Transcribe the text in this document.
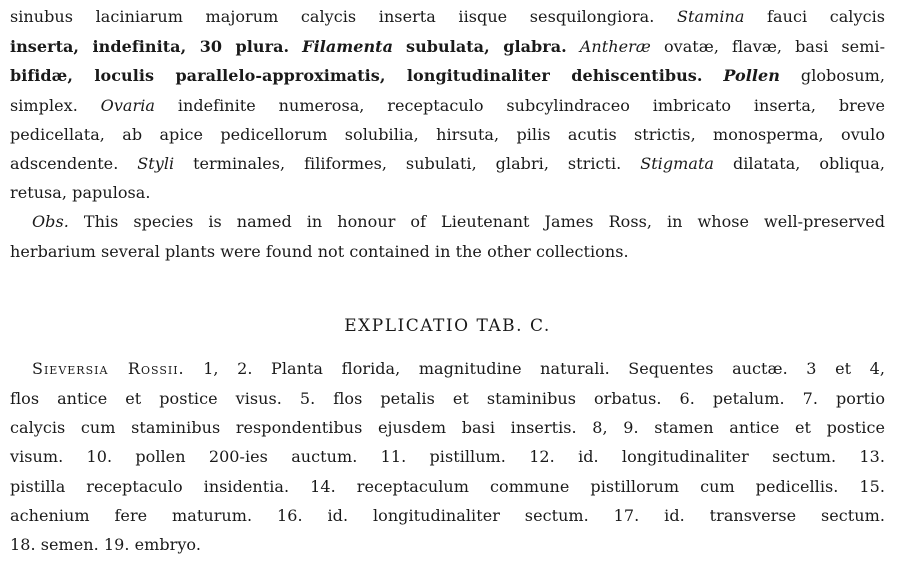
sinubus laciniarum majorum calycis inserta iisque sesquilongiora. Stamina fauci calycis
inserta, indefinita, 30 plura. Filamenta subulata, glabra. Antheræ ovatæ, flavæ, basi semi-
bifidæ, loculis parallelo-approximatis, longitudinaliter dehiscentibus. Pollen globosum,
simplex. Ovaria indefinite numerosa, receptaculo subcylindraceo imbricato inserta, breve
pedicellata, ab apice pedicellorum solubilia, hirsuta, pilis acutis strictis, monosperma, ovulo
adscendente. Styli terminales, filiformes, subulati, glabri, stricti. Stigmata dilatata, obliqua,
retusa, papulosa.
Obs. This species is named in honour of Lieutenant James Ross, in whose well-preserved
herbarium several plants were found not contained in the other collections.
EXPLICATIO TAB. C.
Sieversia Rossii. 1, 2. Planta florida, magnitudine naturali. Sequentes auctæ. 3 et 4,
flos antice et postice visus. 5. flos petalis et staminibus orbatus. 6. petalum. 7. portio
calycis cum staminibus respondentibus ejusdem basi insertis. 8, 9. stamen antice et postice
visum. 10. pollen 200-ies auctum. 11. pistillum. 12. id. longitudinaliter sectum. 13.
pistilla receptaculo insidentia. 14. receptaculum commune pistillorum cum pedicellis. 15.
achenium fere maturum. 16. id. longitudinaliter sectum. 17. id. transverse sectum.
18. semen. 19. embryo.
